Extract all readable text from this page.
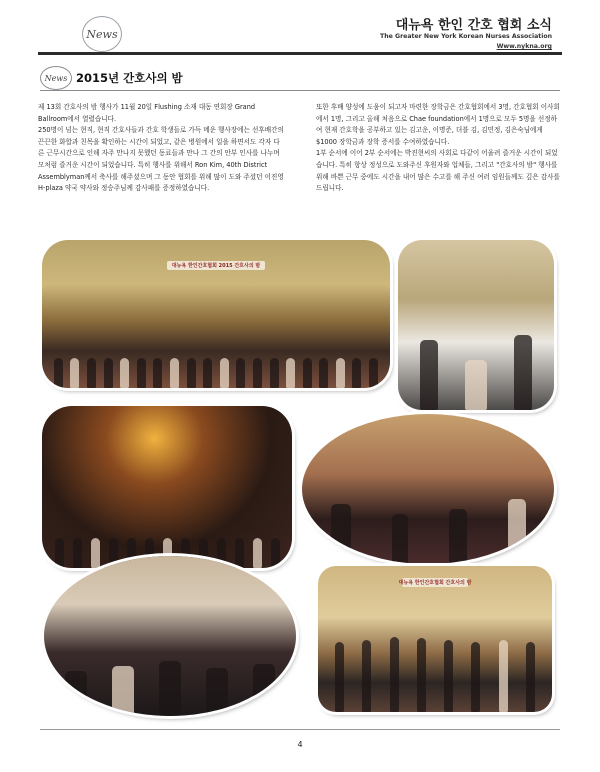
News
대뉴욕 한인 간호 협회 소식
The Greater New York Korean Nurses Association
Www.nykna.org
News 2015년 간호사의 밤

제 13회 간호사의 밤 행사가 11월 20일 Flushing 소재 대동 연회장 Grand Ballroom에서 열렸습니다.

250명이 넘는 현직, 현직 간호사들과 간호 학생들로 가득 메운 행사장에는 선후배간의 끈끈한 화합과 친목을 확인하는 시간이 되었고, 같은 병원에서 일을 하면서도 각자 다른 근무시간으로 인해 자주 만나지 못했던 동료들과 만나 그 간의 안부 인사를 나누며 모처럼 즐거운 시간이 되었습니다. 특히 행사를 위해서 Ron Kim, 40th District Assemblyman께서 축사를 해주셨으며 그 동안 협회를 위해 많이 도와 주셨던 이진영 H-plaza 약국 약사와 정승주님께 감사패를 증정하였습니다.

또한 후배 양성에 도움이 되고자 마련한 장학금은 간호협회에서 3명, 간호협회 이사회에서 1명, 그리고 올해 처음으로 Chae foundation에서 1명으로 모두 5명을 선정하여 현재 간호학을 공부하고 있는 김고운, 이명준, 더블 김, 김민정, 김은숙님에게 $1000 장학금과 장학 증서를 수여하였습니다.

1부 순서에 이어 2부 순서에는 박진현씨의 사회로 다같이 어울려 즐거운 시간이 되었습니다. 특히 항상 정성으로 도와주신 후원자와 업체들, 그리고 "간호사의 밤" 행사를 위해 바쁜 근무 중에도 시간을 내어 많은 수고를 해 주신 여러 임원들께도 깊은 감사를 드립니다.

대뉴욕 한인간호협회 2015 간호사의 밤
대뉴욕 한인간호협회 간호사의 밤
4
